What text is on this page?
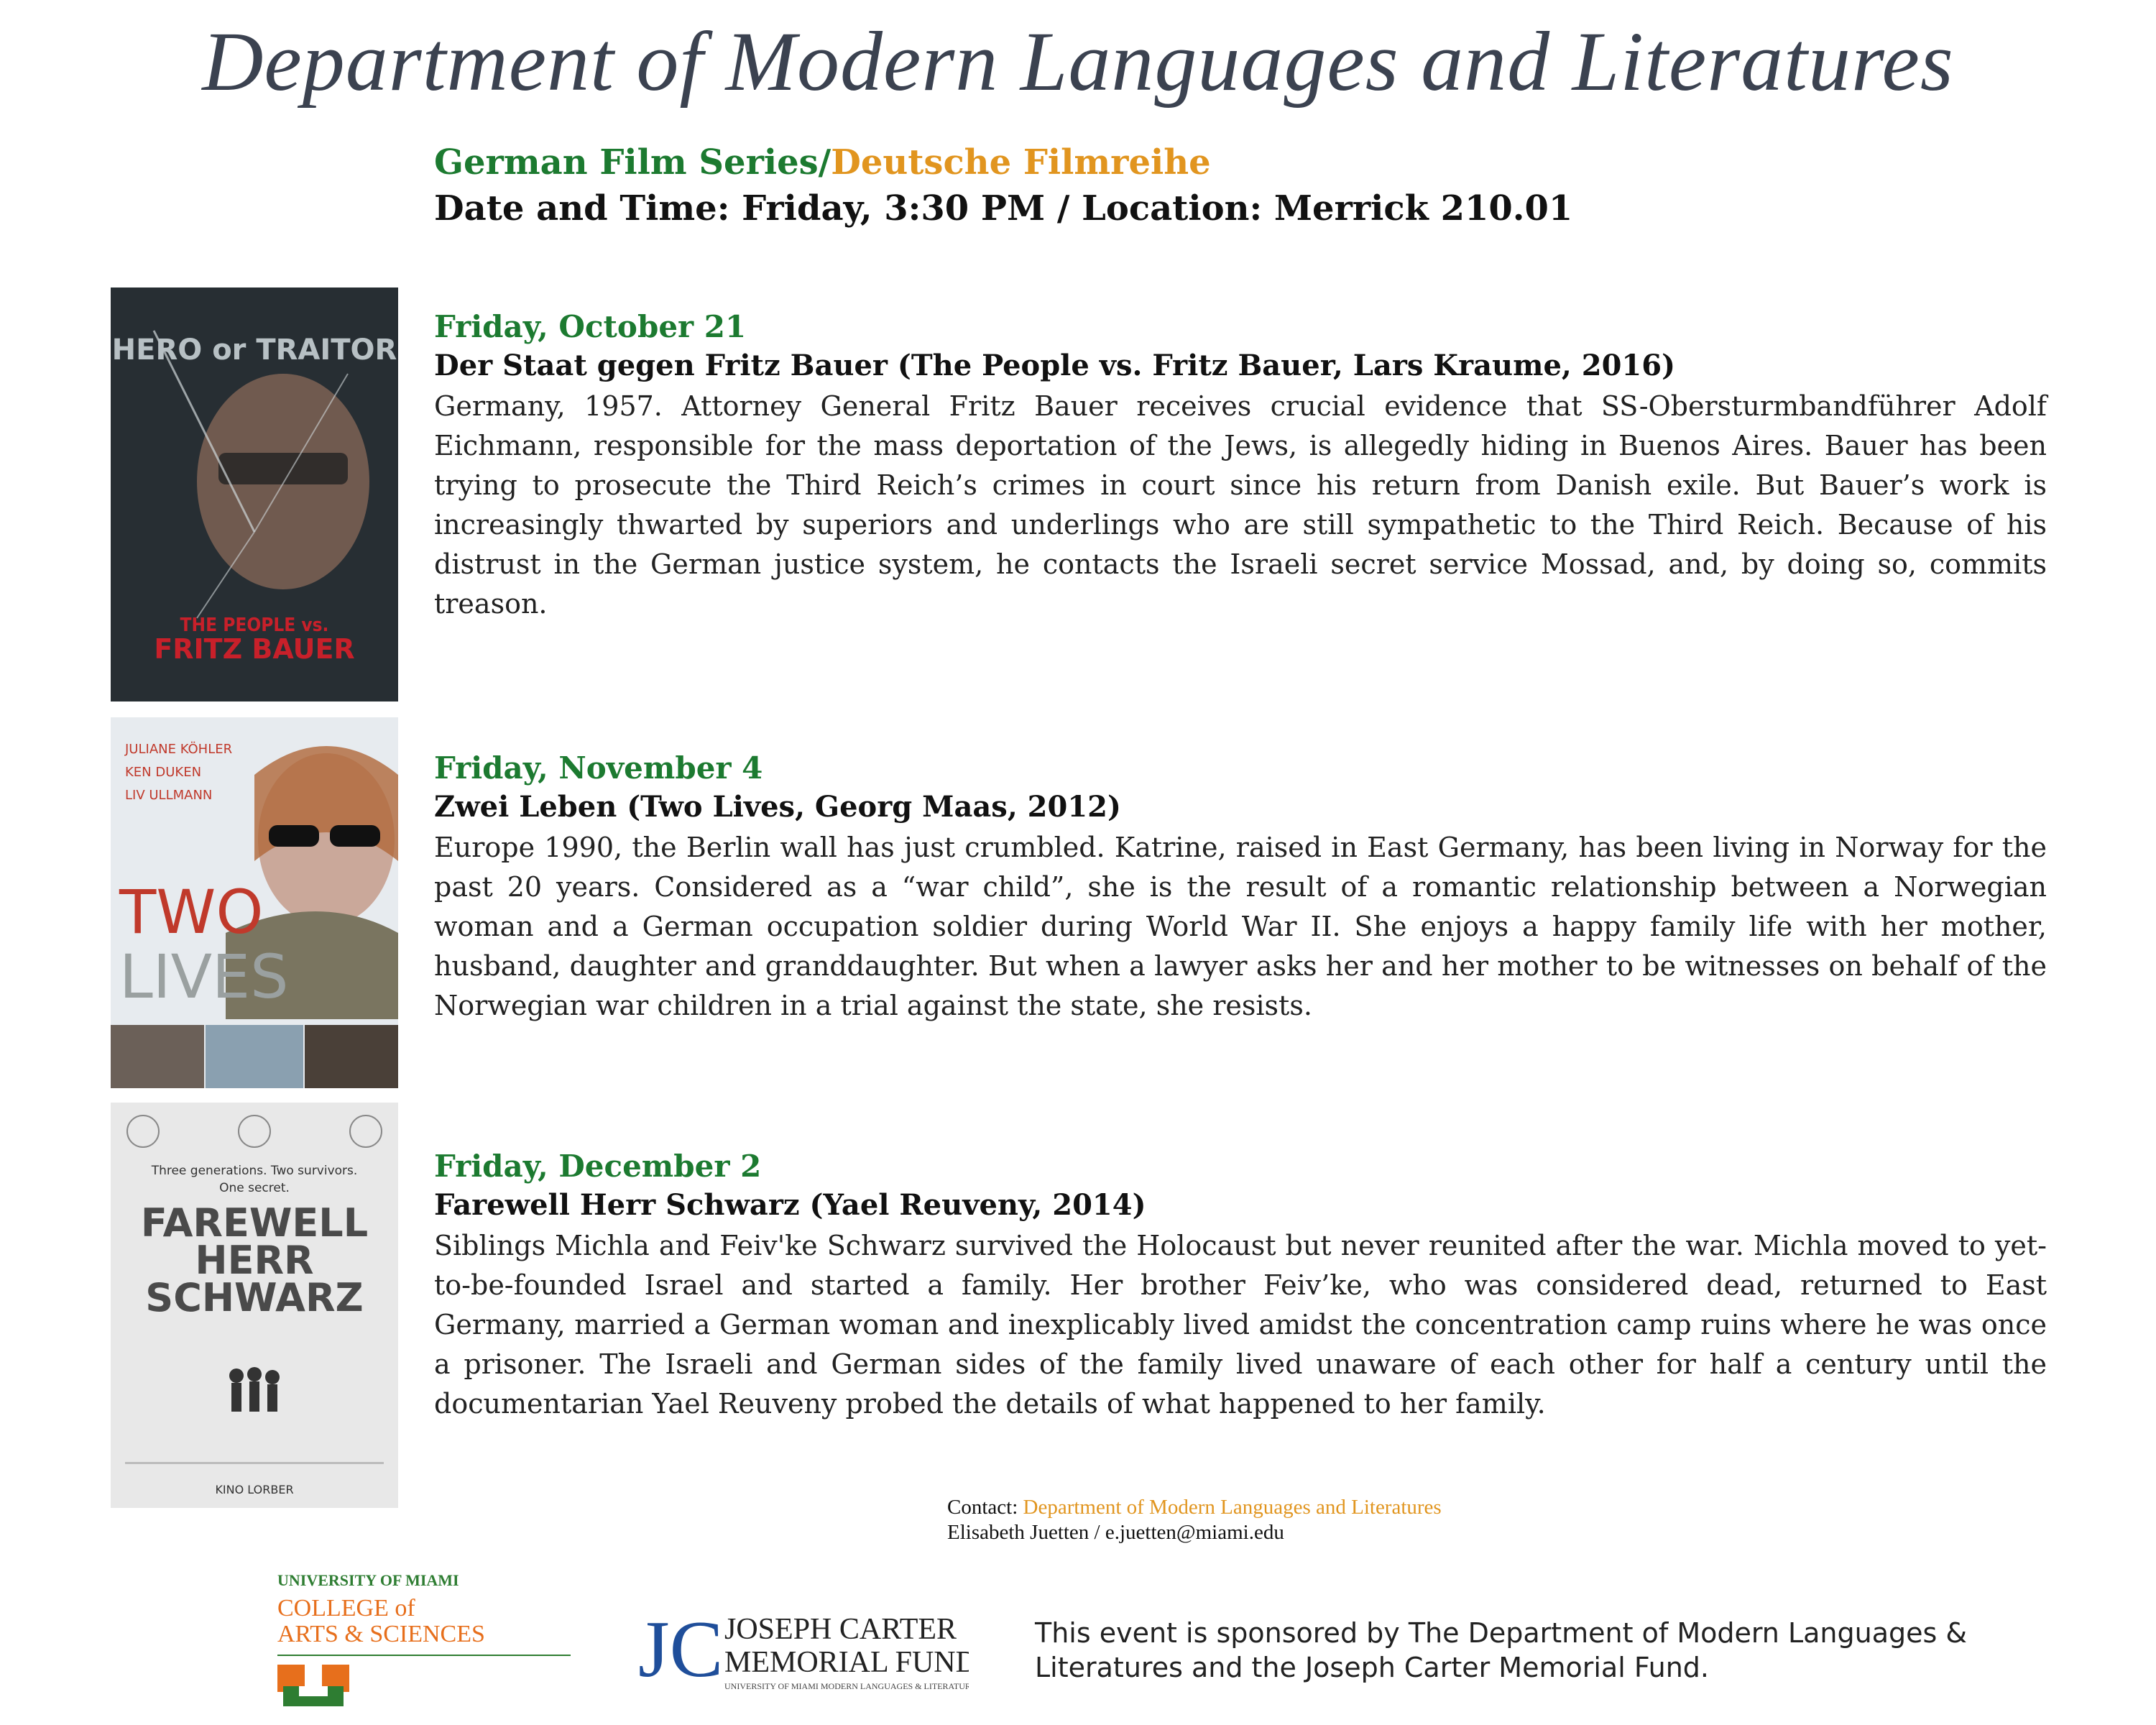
Department of Modern Languages and Literatures
German Film Series/Deutsche Filmreihe
Date and Time: Friday, 3:30 PM / Location: Merrick 210.01
HERO or TRAITOR
THE PEOPLE vs.
FRITZ BAUER
Friday, October 21
Der Staat gegen Fritz Bauer (The People vs. Fritz Bauer, Lars Kraume, 2016)
Germany, 1957. Attorney General Fritz Bauer receives crucial evidence that SS-Obersturmbandführer Adolf Eichmann, responsible for the mass deportation of the Jews, is allegedly hiding in Buenos Aires. Bauer has been trying to prosecute the Third Reich’s crimes in court since his return from Danish exile. But Bauer’s work is increasingly thwarted by superiors and underlings who are still sympathetic to the Third Reich. Because of his distrust in the German justice system, he contacts the Israeli secret service Mossad, and, by doing so, commits treason.
JULIANE KÖHLER
KEN DUKEN
LIV ULLMANN
TWO
LIVES
Friday, November 4
Zwei Leben (Two Lives, Georg Maas, 2012)
Europe 1990, the Berlin wall has just crumbled. Katrine, raised in East Germany, has been living in Norway for the past 20 years. Considered as a “war child”, she is the result of a romantic relationship between a Norwegian woman and a German occupation soldier during World War II. She enjoys a happy family life with her mother, husband, daughter and granddaughter. But when a lawyer asks her and her mother to be witnesses on behalf of the Norwegian war children in a trial against the state, she resists.
Three generations. Two survivors.
One secret.
FAREWELL
HERR
SCHWARZ
KINO LORBER
Friday, December 2
Farewell Herr Schwarz (Yael Reuveny, 2014)
Siblings Michla and Feiv'ke Schwarz survived the Holocaust but never reunited after the war. Michla moved to yet-to-be-founded Israel and started a family. Her brother Feiv’ke, who was considered dead, returned to East Germany, married a German woman and inexplicably lived amidst the concentration camp ruins where he was once a prisoner. The Israeli and German sides of the family lived unaware of each other for half a century until the documentarian Yael Reuveny probed the details of what happened to her family.
Contact: Department of Modern Languages and Literatures
Elisabeth Juetten / e.juetten@miami.edu
UNIVERSITY OF MIAMI
COLLEGE of
ARTS & SCIENCES	JC JOSEPH CARTER
MEMORIAL FUND
UNIVERSITY OF MIAMI MODERN LANGUAGES & LITERATURES
This event is sponsored by The Department of Modern Languages & Literatures and the Joseph Carter Memorial Fund.
